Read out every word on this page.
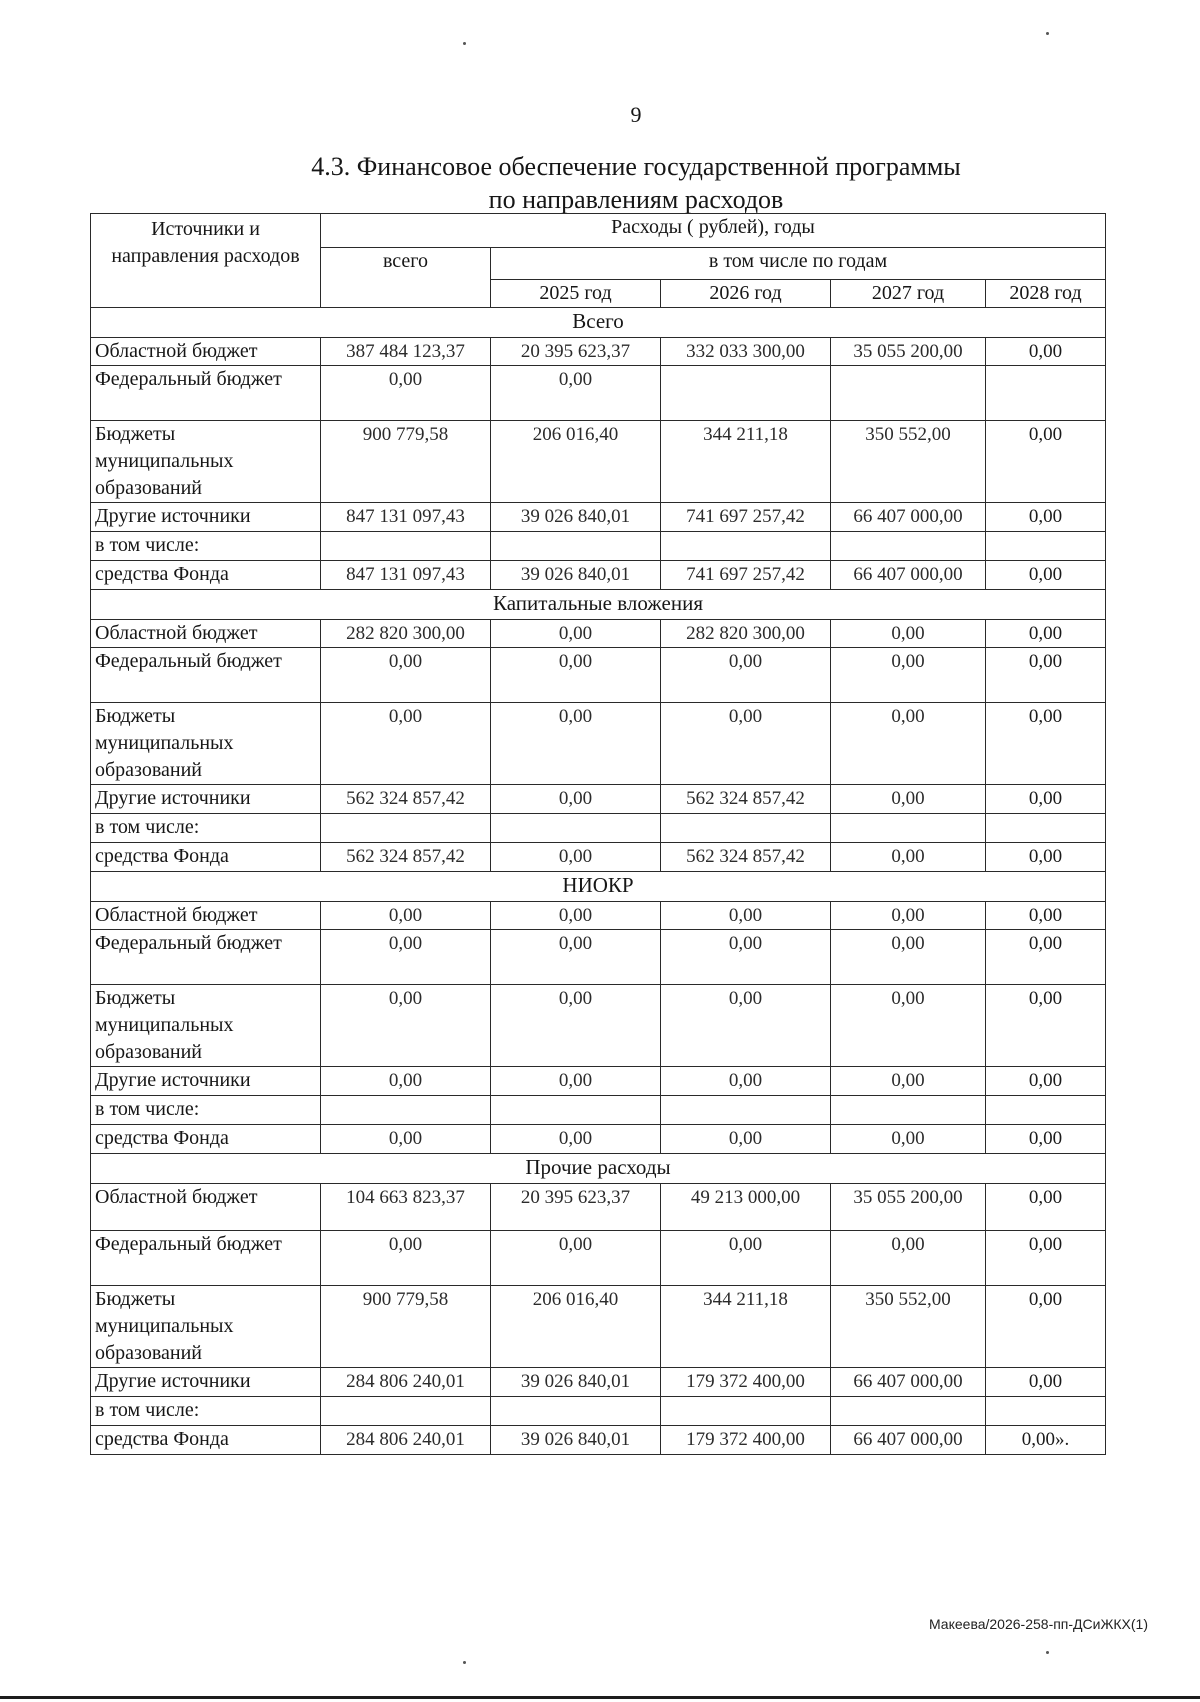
9
4.3. Финансовое обеспечение государственной программы
по направлениям расходов
Источники и направления расходов	Расходы ( рублей), годы				
	всего	в том числе по годам			
		2025 год	2026 год	2027 год	2028 год
Всего					
Областной бюджет	387 484 123,37	20 395 623,37	332 033 300,00	35 055 200,00	0,00
Федеральный бюджет	0,00	0,00			
Бюджеты муниципальных образований	900 779,58	206 016,40	344 211,18	350 552,00	0,00
Другие источники	847 131 097,43	39 026 840,01	741 697 257,42	66 407 000,00	0,00
в том числе:					
средства Фонда	847 131 097,43	39 026 840,01	741 697 257,42	66 407 000,00	0,00
Капитальные вложения					
Областной бюджет	282 820 300,00	0,00	282 820 300,00	0,00	0,00
Федеральный бюджет	0,00	0,00	0,00	0,00	0,00
Бюджеты муниципальных образований	0,00	0,00	0,00	0,00	0,00
Другие источники	562 324 857,42	0,00	562 324 857,42	0,00	0,00
в том числе:					
средства Фонда	562 324 857,42	0,00	562 324 857,42	0,00	0,00
НИОКР					
Областной бюджет	0,00	0,00	0,00	0,00	0,00
Федеральный бюджет	0,00	0,00	0,00	0,00	0,00
Бюджеты муниципальных образований	0,00	0,00	0,00	0,00	0,00
Другие источники	0,00	0,00	0,00	0,00	0,00
в том числе:					
средства Фонда	0,00	0,00	0,00	0,00	0,00
Прочие расходы					
Областной бюджет	104 663 823,37	20 395 623,37	49 213 000,00	35 055 200,00	0,00
Федеральный бюджет	0,00	0,00	0,00	0,00	0,00
Бюджеты муниципальных образований	900 779,58	206 016,40	344 211,18	350 552,00	0,00
Другие источники	284 806 240,01	39 026 840,01	179 372 400,00	66 407 000,00	0,00
в том числе:					
средства Фонда	284 806 240,01	39 026 840,01	179 372 400,00	66 407 000,00	0,00».
Макеева/2026-258-пп-ДСиЖКХ(1)
